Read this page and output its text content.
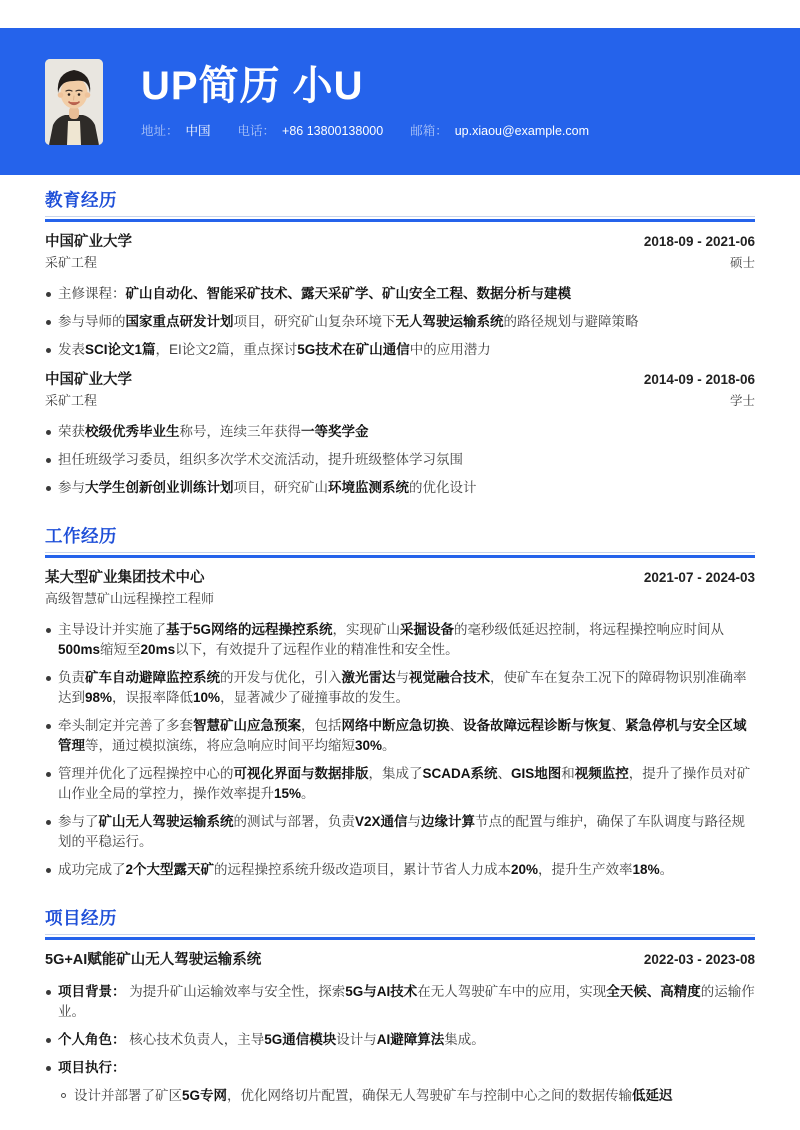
UP简历 小U
地址： 中国 电话： +86 13800138000 邮箱： up.xiaou@example.com
教育经历
中国矿业大学	2018-09 - 2021-06
采矿工程	硕士
主修课程：矿山自动化、智能采矿技术、露天采矿学、矿山安全工程、数据分析与建模
参与导师的国家重点研发计划项目，研究矿山复杂环境下无人驾驶运输系统的路径规划与避障策略
发表SCI论文1篇，EI论文2篇，重点探讨5G技术在矿山通信中的应用潜力
中国矿业大学	2014-09 - 2018-06
采矿工程	学士
荣获校级优秀毕业生称号，连续三年获得一等奖学金
担任班级学习委员，组织多次学术交流活动，提升班级整体学习氛围
参与大学生创新创业训练计划项目，研究矿山环境监测系统的优化设计
工作经历
某大型矿业集团技术中心	2021-07 - 2024-03
高级智慧矿山远程操控工程师
主导设计并实施了基于5G网络的远程操控系统，实现矿山采掘设备的毫秒级低延迟控制，将远程操控响应时间从500ms缩短至20ms以下，有效提升了远程作业的精准性和安全性。
负责矿车自动避障监控系统的开发与优化，引入激光雷达与视觉融合技术，使矿车在复杂工况下的障碍物识别准确率达到98%，误报率降低10%，显著减少了碰撞事故的发生。
牵头制定并完善了多套智慧矿山应急预案，包括网络中断应急切换、设备故障远程诊断与恢复、紧急停机与安全区域管理等，通过模拟演练，将应急响应时间平均缩短30%。
管理并优化了远程操控中心的可视化界面与数据排版，集成了SCADA系统、GIS地图和视频监控，提升了操作员对矿山作业全局的掌控力，操作效率提升15%。
参与了矿山无人驾驶运输系统的测试与部署，负责V2X通信与边缘计算节点的配置与维护，确保了车队调度与路径规划的平稳运行。
成功完成了2个大型露天矿的远程操控系统升级改造项目，累计节省人力成本20%，提升生产效率18%。
项目经历
5G+AI赋能矿山无人驾驶运输系统	2022-03 - 2023-08
项目背景： 为提升矿山运输效率与安全性，探索5G与AI技术在无人驾驶矿车中的应用，实现全天候、高精度的运输作业。
个人角色： 核心技术负责人，主导5G通信模块设计与AI避障算法集成。
项目执行：
设计并部署了矿区5G专网，优化网络切片配置，确保无人驾驶矿车与控制中心之间的数据传输低延迟
